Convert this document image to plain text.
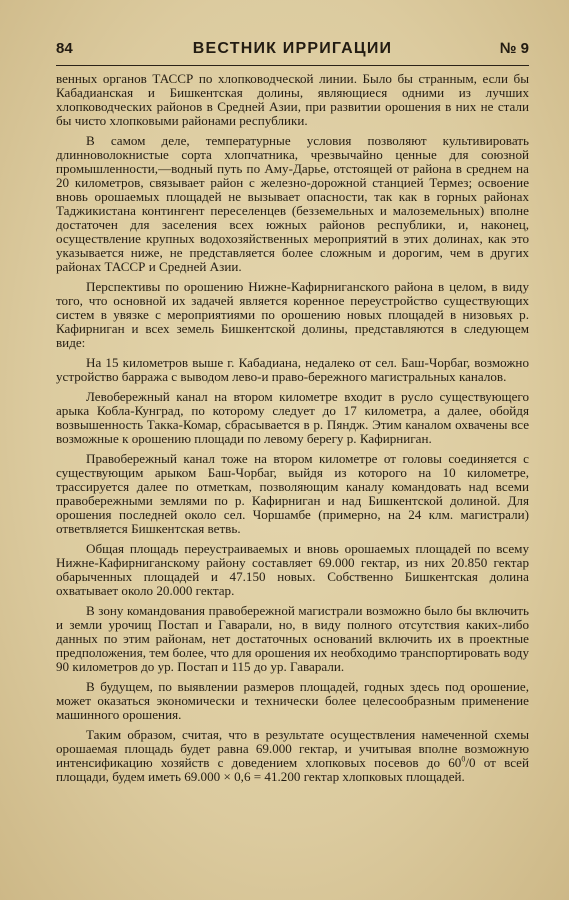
84	ВЕСТНИК ИРРИГАЦИИ	№ 9

венных органов ТАССР по хлопководческой линии. Было бы странным, если бы Кабадианская и Бишкентская долины, являющиеся одними из лучших хлопководческих районов в Средней Азии, при развитии орошения в них не стали бы чисто хлопковыми районами республики.

В самом деле, температурные условия позволяют культивировать длинноволокнистые сорта хлопчатника, чрезвычайно ценные для союзной промышленности,—водный путь по Аму-Дарье, отстоящей от района в среднем на 20 километров, связывает район с железно-дорожной станцией Термез; освоение вновь орошаемых площадей не вызывает опасности, так как в горных районах Таджикистана контингент переселенцев (безземельных и малоземельных) вполне достаточен для заселения всех южных районов республики, и, наконец, осуществление крупных водохозяйственных мероприятий в этих долинах, как это указывается ниже, не представляется более сложным и дорогим, чем в других районах ТАССР и Средней Азии.

Перспективы по орошению Нижне-Кафирниганского района в целом, в виду того, что основной их задачей является коренное переустройство существующих систем в увязке с мероприятиями по орошению новых площадей в низовьях р. Кафирниган и всех земель Бишкентской долины, представляются в следующем виде:

На 15 километров выше г. Кабадиана, недалеко от сел. Баш-Чорбаг, возможно устройство барража с выводом лево-и право-бережного магистральных каналов.

Левобережный канал на втором километре входит в русло существующего арыка Кобла-Кунград, по которому следует до 17 километра, а далее, обойдя возвышенность Такка-Комар, сбрасывается в р. Пяндж. Этим каналом охвачены все возможные к орошению площади по левому берегу р. Кафирниган.

Правобережный канал тоже на втором километре от головы соединяется с существующим арыком Баш-Чорбаг, выйдя из которого на 10 километре, трассируется далее по отметкам, позволяющим каналу командовать над всеми правобережными землями по р. Кафирниган и над Бишкентской долиной. Для орошения последней около сел. Чоршамбе (примерно, на 24 клм. магистрали) ответвляется Бишкентская ветвь.

Общая площадь переустраиваемых и вновь орошаемых площадей по всему Нижне-Кафирниганскому району составляет 69.000 гектар, из них 20.850 гектар обарыченных площадей и 47.150 новых. Собственно Бишкентская долина охватывает около 20.000 гектар.

В зону командования правобережной магистрали возможно было бы включить и земли урочищ Постап и Гаварали, но, в виду полного отсутствия каких-либо данных по этим районам, нет достаточных оснований включить их в проектные предположения, тем более, что для орошения их необходимо транспортировать воду 90 километров до ур. Постап и 115 до ур. Гаварали.

В будущем, по выявлении размеров площадей, годных здесь под орошение, может оказаться экономически и технически более целесообразным применение машинного орошения.

Таким образом, считая, что в результате осуществления намеченной схемы орошаемая площадь будет равна 69.000 гектар, и учитывая вполне возможную интенсификацию хозяйств с доведением хлопковых посевов до $60^0/0$ от всей площади, будем иметь 69.000 × 0,6 = 41.200 гектар хлопковых площадей.
